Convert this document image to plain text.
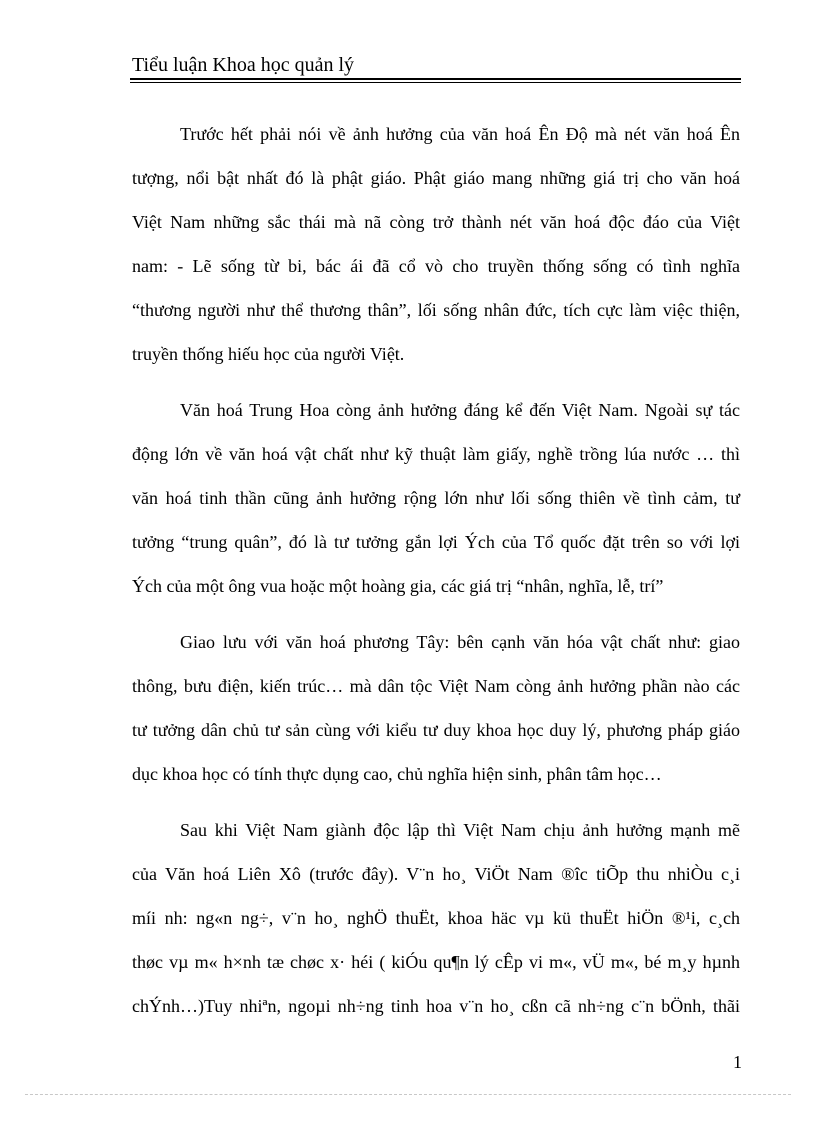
Tiểu luận Khoa học quản lý
Trước hết phải nói về ảnh hưởng của văn hoá Ên Độ mà nét văn hoá Ên
tượng, nổi bật nhất đó là phật giáo. Phật giáo mang những giá trị cho văn hoá
Việt Nam những sắc thái mà nã còng trở thành nét văn hoá độc đáo của Việt
nam: - Lẽ sống từ bi, bác ái đã cổ vò cho truyền thống sống có tình nghĩa
“thương người như thể thương thân”, lối sống nhân đức, tích cực làm việc thiện,
truyền thống hiếu học của người Việt.
Văn hoá Trung Hoa còng ảnh hưởng đáng kể đến Việt Nam. Ngoài sự tác
động lớn về văn hoá vật chất như kỹ thuật làm giấy, nghề trồng lúa nước … thì
văn hoá tinh thần cũng ảnh hưởng rộng lớn như lối sống thiên về tình cảm, tư
tưởng “trung quân”, đó là tư tưởng gắn lợi Ých của Tổ quốc đặt trên so với lợi
Ých của một ông vua hoặc một hoàng gia, các giá trị “nhân, nghĩa, lễ, trí”
Giao lưu với văn hoá phương Tây: bên cạnh văn hóa vật chất như: giao
thông, bưu điện, kiến trúc… mà dân tộc Việt Nam còng ảnh hưởng phần nào các
tư tưởng dân chủ tư sản cùng với kiểu tư duy khoa học duy lý, phương pháp giáo
dục khoa học có tính thực dụng cao, chủ nghĩa hiện sinh, phân tâm học…
Sau khi Việt Nam giành độc lập thì Việt Nam chịu ảnh hưởng mạnh mẽ
của Văn hoá Liên Xô (trước đây). V¨n ho¸ ViÖt Nam ®îc tiÕp thu nhiÒu c¸i
míi nh: ng«n ng÷, v¨n ho¸ nghÖ thuËt, khoa häc vµ kü thuËt hiÖn ®¹i, c¸ch
thøc vµ m« h×nh tæ chøc x· héi ( kiÓu qu¶n lý cÊp vi m«, vÜ m«, bé m¸y hµnh
chÝnh…)Tuy nhiªn, ngoµi nh÷ng tinh hoa v¨n ho¸ cßn cã nh÷ng c¨n bÖnh, thãi
1
